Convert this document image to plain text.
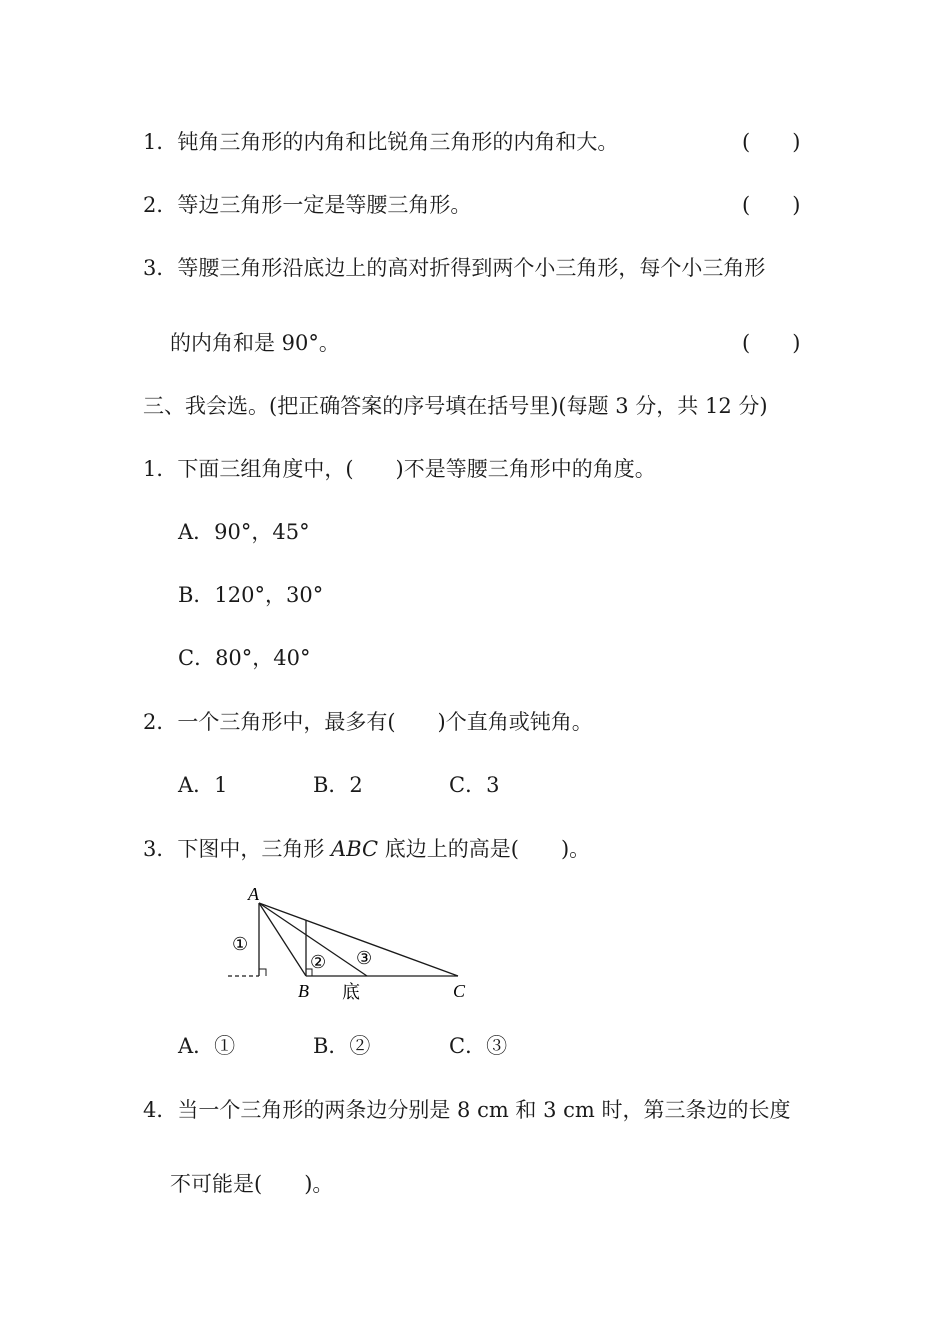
1．钝角三角形的内角和比锐角三角形的内角和大。	(　　)
2．等边三角形一定是等腰三角形。	(　　)
3．等腰三角形沿底边上的高对折得到两个小三角形，每个小三角形
的内角和是 90°。	(　　)
三、我会选。(把正确答案的序号填在括号里)(每题 3 分，共 12 分)
1．下面三组角度中，(　　)不是等腰三角形中的角度。
A．90°，45°
B．120°，30°
C．80°，40°
2．一个三角形中，最多有(　　)个直角或钝角。
A．1	B．2	C．3
3．下图中，三角形 ABC 底边上的高是(　　)。
A
B	C
底
①
② ③
A．①	B．②	C．③
4．当一个三角形的两条边分别是 8 cm 和 3 cm 时，第三条边的长度
不可能是(　　)。
